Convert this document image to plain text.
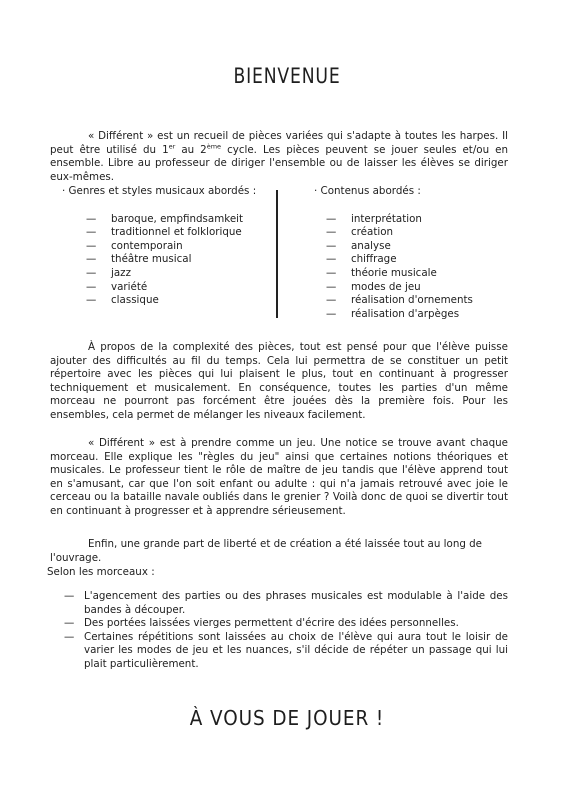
BIENVENUE
« Différent » est un recueil de pièces variées qui s'adapte à toutes les harpes. Il peut être utilisé du 1er au 2ème cycle. Les pièces peuvent se jouer seules et/ou en ensemble. Libre au professeur de diriger l'ensemble ou de laisser les élèves se diriger eux-mêmes.
· Genres et styles musicaux abordés :
— baroque, empfindsamkeit
— traditionnel et folklorique
— contemporain
— théâtre musical
— jazz
— variété
— classique
· Contenus abordés :
— interprétation
— création
— analyse
— chiffrage
— théorie musicale
— modes de jeu
— réalisation d'ornements
— réalisation d'arpèges
À propos de la complexité des pièces, tout est pensé pour que l'élève puisse ajouter des difficultés au fil du temps. Cela lui permettra de se constituer un petit répertoire avec les pièces qui lui plaisent le plus, tout en continuant à progresser techniquement et musicalement. En conséquence, toutes les parties d'un même morceau ne pourront pas forcément être jouées dès la première fois. Pour les ensembles, cela permet de mélanger les niveaux facilement.
« Différent » est à prendre comme un jeu. Une notice se trouve avant chaque morceau. Elle explique les "règles du jeu" ainsi que certaines notions théoriques et musicales. Le professeur tient le rôle de maître de jeu tandis que l'élève apprend tout en s'amusant, car que l'on soit enfant ou adulte : qui n'a jamais retrouvé avec joie le cerceau ou la bataille navale oubliés dans le grenier ? Voilà donc de quoi se divertir tout en continuant à progresser et à apprendre sérieusement.
Enfin, une grande part de liberté et de création a été laissée tout au long de l'ouvrage.
Selon les morceaux :
— L'agencement des parties ou des phrases musicales est modulable à l'aide des bandes à découper.
— Des portées laissées vierges permettent d'écrire des idées personnelles.
— Certaines répétitions sont laissées au choix de l'élève qui aura tout le loisir de varier les modes de jeu et les nuances, s'il décide de répéter un passage qui lui plait particulièrement.
À VOUS DE JOUER !
